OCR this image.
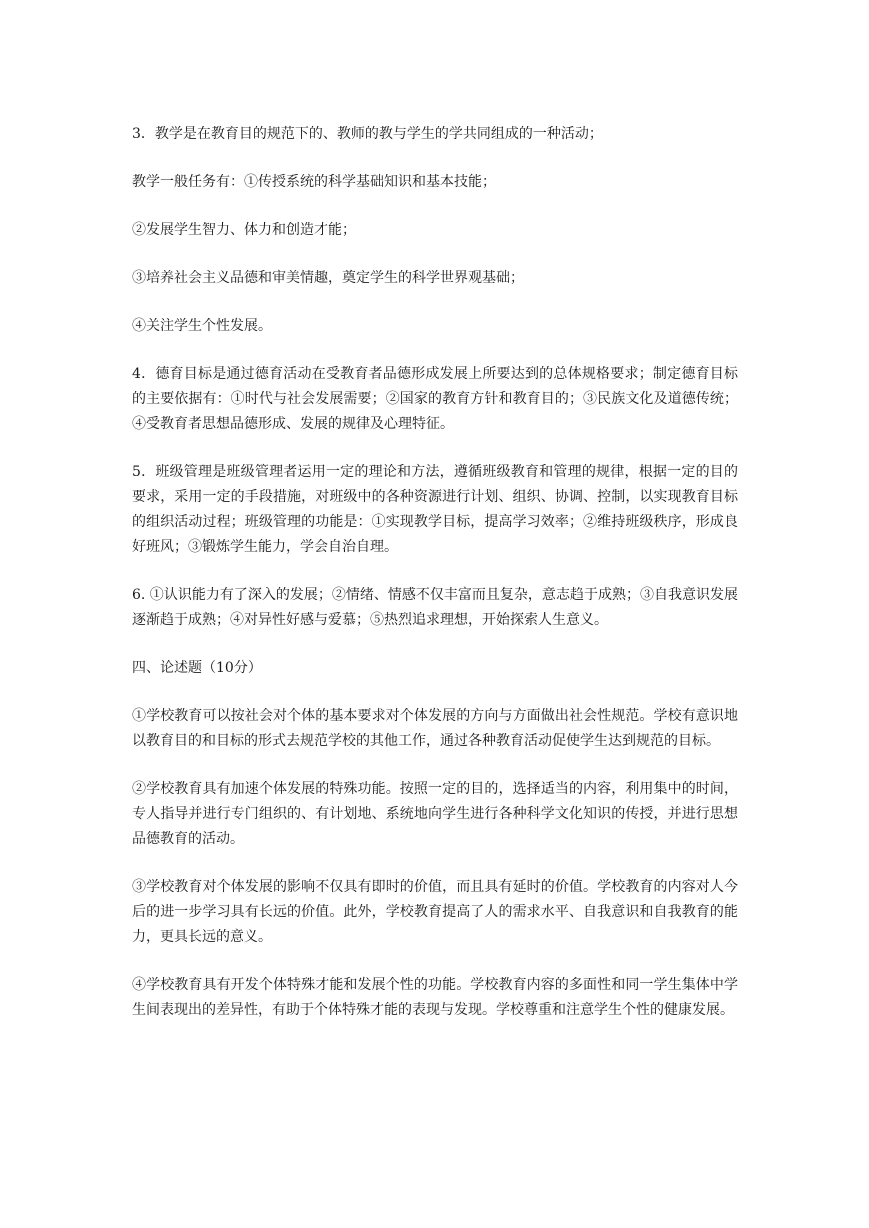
3．教学是在教育目的规范下的、教师的教与学生的学共同组成的一种活动；

教学一般任务有：①传授系统的科学基础知识和基本技能；

②发展学生智力、体力和创造才能；

③培养社会主义品德和审美情趣，奠定学生的科学世界观基础；

④关注学生个性发展。

4．德育目标是通过德育活动在受教育者品德形成发展上所要达到的总体规格要求；制定德育目标的主要依据有：①时代与社会发展需要；②国家的教育方针和教育目的；③民族文化及道德传统；④受教育者思想品德形成、发展的规律及心理特征。

5．班级管理是班级管理者运用一定的理论和方法，遵循班级教育和管理的规律，根据一定的目的要求，采用一定的手段措施，对班级中的各种资源进行计划、组织、协调、控制，以实现教育目标的组织活动过程；班级管理的功能是：①实现教学目标，提高学习效率；②维持班级秩序，形成良好班风；③锻炼学生能力，学会自治自理。

6. ①认识能力有了深入的发展；②情绪、情感不仅丰富而且复杂，意志趋于成熟；③自我意识发展逐渐趋于成熟；④对异性好感与爱慕；⑤热烈追求理想，开始探索人生意义。

四、论述题（10分）

①学校教育可以按社会对个体的基本要求对个体发展的方向与方面做出社会性规范。学校有意识地以教育目的和目标的形式去规范学校的其他工作，通过各种教育活动促使学生达到规范的目标。

②学校教育具有加速个体发展的特殊功能。按照一定的目的，选择适当的内容，利用集中的时间，专人指导并进行专门组织的、有计划地、系统地向学生进行各种科学文化知识的传授，并进行思想品德教育的活动。

③学校教育对个体发展的影响不仅具有即时的价值，而且具有延时的价值。学校教育的内容对人今后的进一步学习具有长远的价值。此外，学校教育提高了人的需求水平、自我意识和自我教育的能力，更具长远的意义。

④学校教育具有开发个体特殊才能和发展个性的功能。学校教育内容的多面性和同一学生集体中学生间表现出的差异性，有助于个体特殊才能的表现与发现。学校尊重和注意学生个性的健康发展。
